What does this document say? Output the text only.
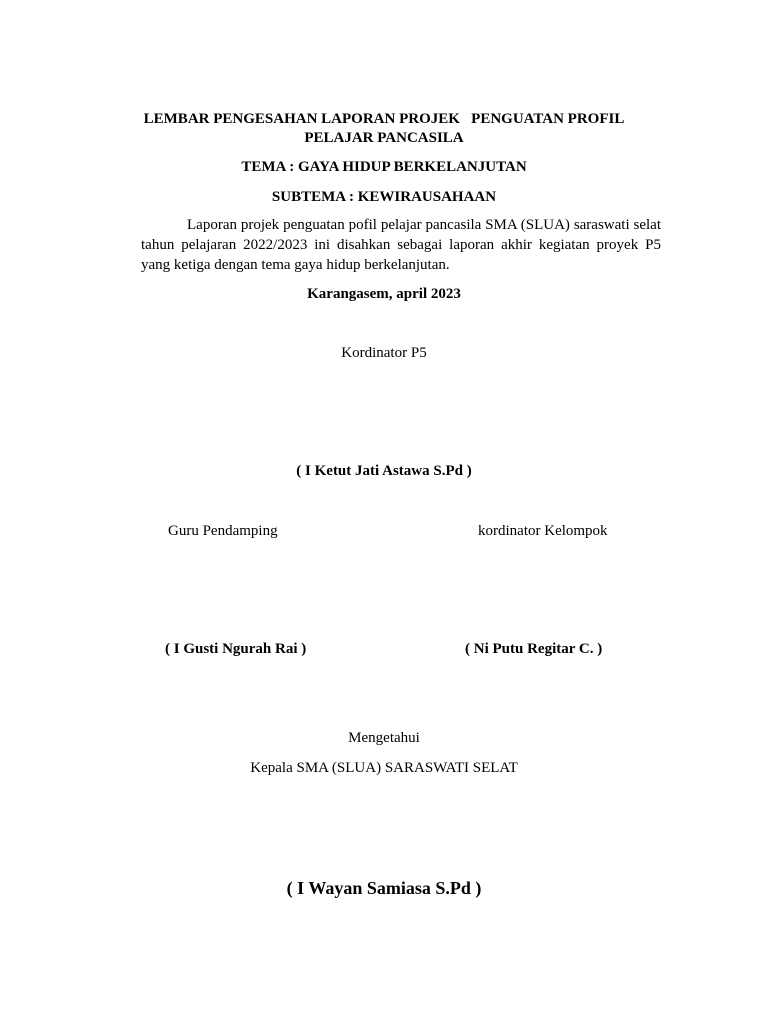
LEMBAR PENGESAHAN LAPORAN PROJEK   PENGUATAN PROFIL
PELAJAR PANCASILA
TEMA : GAYA HIDUP BERKELANJUTAN
SUBTEMA : KEWIRAUSAHAAN
Laporan projek penguatan pofil pelajar pancasila SMA (SLUA) saraswati selat tahun pelajaran 2022/2023 ini disahkan sebagai laporan akhir kegiatan proyek P5 yang ketiga dengan tema gaya hidup berkelanjutan.
Karangasem, april 2023
Kordinator P5
( I Ketut Jati Astawa S.Pd )
Guru Pendamping	kordinator Kelompok
( I Gusti Ngurah Rai )	( Ni Putu Regitar C. )
Mengetahui
Kepala SMA (SLUA) SARASWATI SELAT
( I Wayan Samiasa S.Pd )
